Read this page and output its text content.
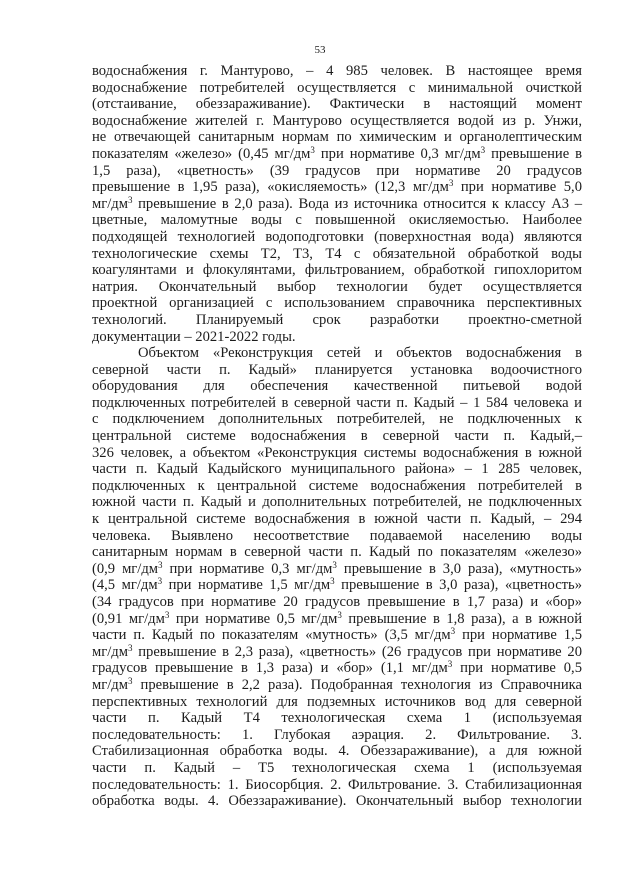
53

водоснабжения г. Мантурово, – 4 985 человек. В настоящее время
водоснабжение потребителей осуществляется с минимальной очисткой
(отстаивание, обеззараживание). Фактически в настоящий момент
водоснабжение жителей г. Мантурово осуществляется водой из р. Унжи,
не отвечающей санитарным нормам по химическим и органолептическим
показателям «железо» (0,45 $мг/дм^3$ при нормативе 0,3 $мг/дм^3$ превышение в
1,5 раза), «цветность» (39 градусов при нормативе 20 градусов
превышение в 1,95 раза), «окисляемость» (12,3 $мг/дм^3$ при нормативе 5,0
$мг/дм^3$ превышение в 2,0 раза). Вода из источника относится к классу А3 –
цветные, маломутные воды с повышенной окисляемостью. Наиболее
подходящей технологией водоподготовки (поверхностная вода) являются
технологические схемы Т2, Т3, Т4 с обязательной обработкой воды
коагулянтами и флокулянтами, фильтрованием, обработкой гипохлоритом
натрия. Окончательный выбор технологии будет осуществляется
проектной организацией с использованием справочника перспективных
технологий. Планируемый срок разработки проектно-сметной
документации – 2021-2022 годы.

Объектом «Реконструкция сетей и объектов водоснабжения в
северной части п. Кадый» планируется установка водоочистного
оборудования для обеспечения качественной питьевой водой
подключенных потребителей в северной части п. Кадый – 1 584 человека и
с подключением дополнительных потребителей, не подключенных к
центральной системе водоснабжения в северной части п. Кадый,–
326 человек, а объектом «Реконструкция системы водоснабжения в южной
части п. Кадый Кадыйского муниципального района» – 1 285 человек,
подключенных к центральной системе водоснабжения потребителей в
южной части п. Кадый и дополнительных потребителей, не подключенных
к центральной системе водоснабжения в южной части п. Кадый, – 294
человека. Выявлено несоответствие подаваемой населению воды
санитарным нормам в северной части п. Кадый по показателям «железо»
(0,9 $мг/дм^3$ при нормативе 0,3 $мг/дм^3$ превышение в 3,0 раза), «мутность»
(4,5 $мг/дм^3$ при нормативе 1,5 $мг/дм^3$ превышение в 3,0 раза), «цветность»
(34 градусов при нормативе 20 градусов превышение в 1,7 раза) и «бор»
(0,91 $мг/дм^3$ при нормативе 0,5 $мг/дм^3$ превышение в 1,8 раза), а в южной
части п. Кадый по показателям «мутность» (3,5 $мг/дм^3$ при нормативе 1,5
$мг/дм^3$ превышение в 2,3 раза), «цветность» (26 градусов при нормативе 20
градусов превышение в 1,3 раза) и «бор» (1,1 $мг/дм^3$ при нормативе 0,5
$мг/дм^3$ превышение в 2,2 раза). Подобранная технология из Справочника
перспективных технологий для подземных источников вод для северной
части п. Кадый Т4 технологическая схема 1 (используемая
последовательность: 1. Глубокая аэрация. 2. Фильтрование. 3.
Стабилизационная обработка воды. 4. Обеззараживание), а для южной
части п. Кадый – Т5 технологическая схема 1 (используемая
последовательность: 1. Биосорбция. 2. Фильтрование. 3. Стабилизационная
обработка воды. 4. Обеззараживание). Окончательный выбор технологии
